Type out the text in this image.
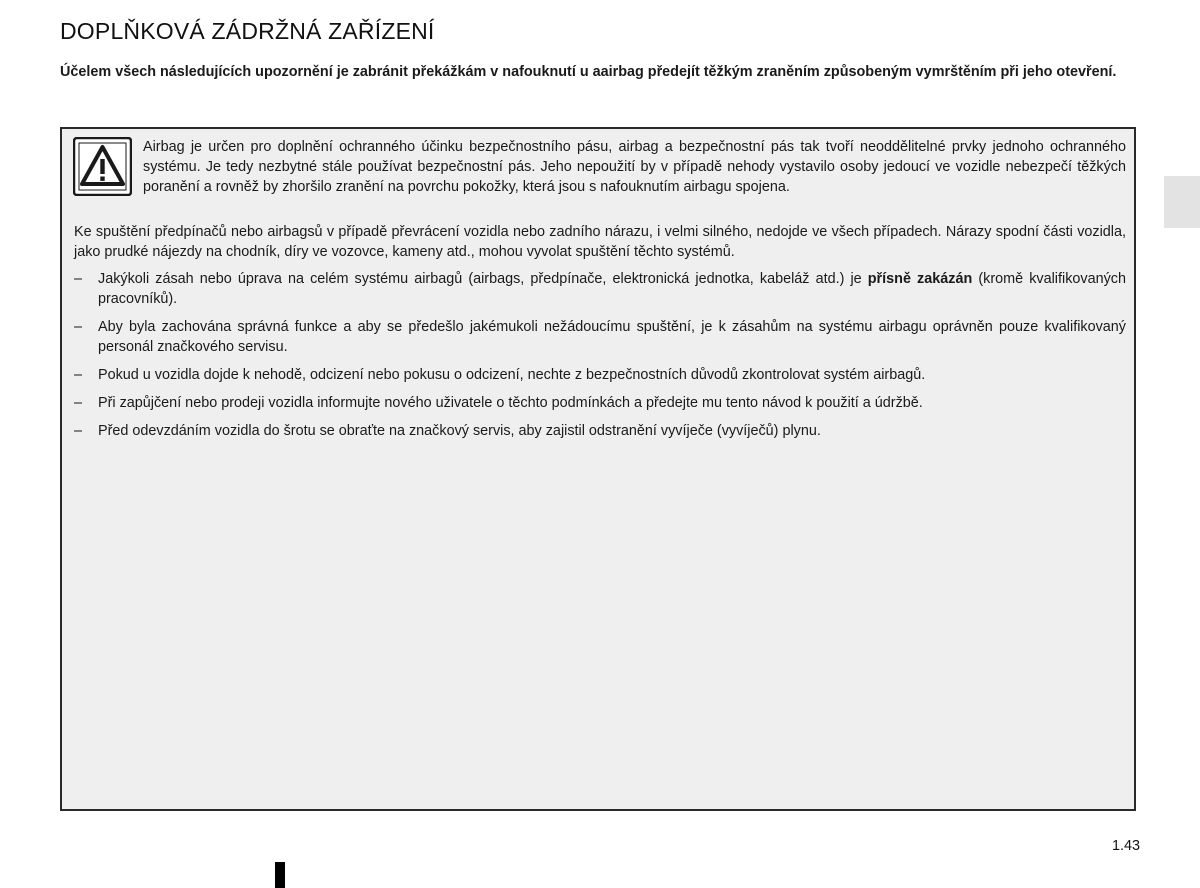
DOPLŇKOVÁ ZÁDRŽNÁ ZAŘÍZENÍ

Účelem všech následujících upozornění je zabránit překážkám v nafouknutí u aairbag předejít těžkým zraněním způsobeným vymrštěním při jeho otevření.

Airbag je určen pro doplnění ochranného účinku bezpečnostního pásu, airbag a bezpečnostní pás tak tvoří neoddělitelné prvky jednoho ochranného systému. Je tedy nezbytné stále používat bezpečnostní pás. Jeho nepoužití by v případě nehody vystavilo osoby jedoucí ve vozidle nebezpečí těžkých poranění a rovněž by zhoršilo zranění na povrchu pokožky, která jsou s nafouknutím airbagu spojena.

Ke spuštění předpínačů nebo airbagsů v případě převrácení vozidla nebo zadního nárazu, i velmi silného, nedojde ve všech případech. Nárazy spodní části vozidla, jako prudké nájezdy na chodník, díry ve vozovce, kameny atd., mohou vyvolat spuštění těchto systémů.

– Jakýkoli zásah nebo úprava na celém systému airbagů (airbags, předpínače, elektronická jednotka, kabeláž atd.) je přísně zakázán (kromě kvalifikovaných pracovníků).
– Aby byla zachována správná funkce a aby se předešlo jakémukoli nežádoucímu spuštění, je k zásahům na systému airbagu oprávněn pouze kvalifikovaný personál značkového servisu.
– Pokud u vozidla dojde k nehodě, odcizení nebo pokusu o odcizení, nechte z bezpečnostních důvodů zkontrolovat systém airbagů.
– Při zapůjčení nebo prodeji vozidla informujte nového uživatele o těchto podmínkách a předejte mu tento návod k použití a údržbě.
– Před odevzdáním vozidla do šrotu se obraťte na značkový servis, aby zajistil odstranění vyvíječe (vyvíječů) plynu.
1.43
